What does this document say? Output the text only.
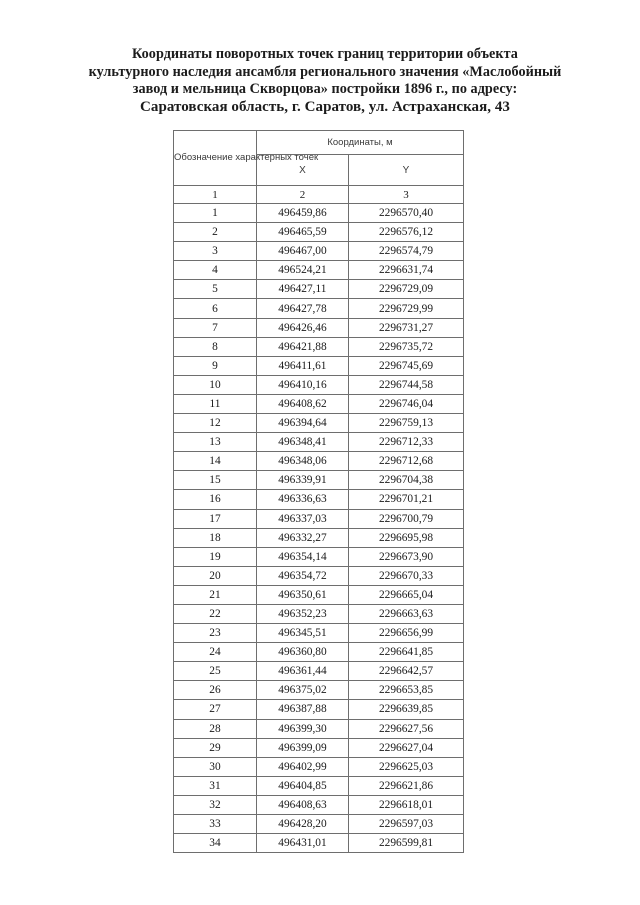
Координаты поворотных точек границ территории объекта
культурного наследия ансамбля регионального значения «Маслобойный
завод и мельница Скворцова» постройки 1896 г., по адресу:
Саратовская область, г. Саратов, ул. Астраханская, 43
Обозначение характерных точек	Координаты, м	
	X	Y
1	2	3
1	496459,86	2296570,40
2	496465,59	2296576,12
3	496467,00	2296574,79
4	496524,21	2296631,74
5	496427,11	2296729,09
6	496427,78	2296729,99
7	496426,46	2296731,27
8	496421,88	2296735,72
9	496411,61	2296745,69
10	496410,16	2296744,58
11	496408,62	2296746,04
12	496394,64	2296759,13
13	496348,41	2296712,33
14	496348,06	2296712,68
15	496339,91	2296704,38
16	496336,63	2296701,21
17	496337,03	2296700,79
18	496332,27	2296695,98
19	496354,14	2296673,90
20	496354,72	2296670,33
21	496350,61	2296665,04
22	496352,23	2296663,63
23	496345,51	2296656,99
24	496360,80	2296641,85
25	496361,44	2296642,57
26	496375,02	2296653,85
27	496387,88	2296639,85
28	496399,30	2296627,56
29	496399,09	2296627,04
30	496402,99	2296625,03
31	496404,85	2296621,86
32	496408,63	2296618,01
33	496428,20	2296597,03
34	496431,01	2296599,81
